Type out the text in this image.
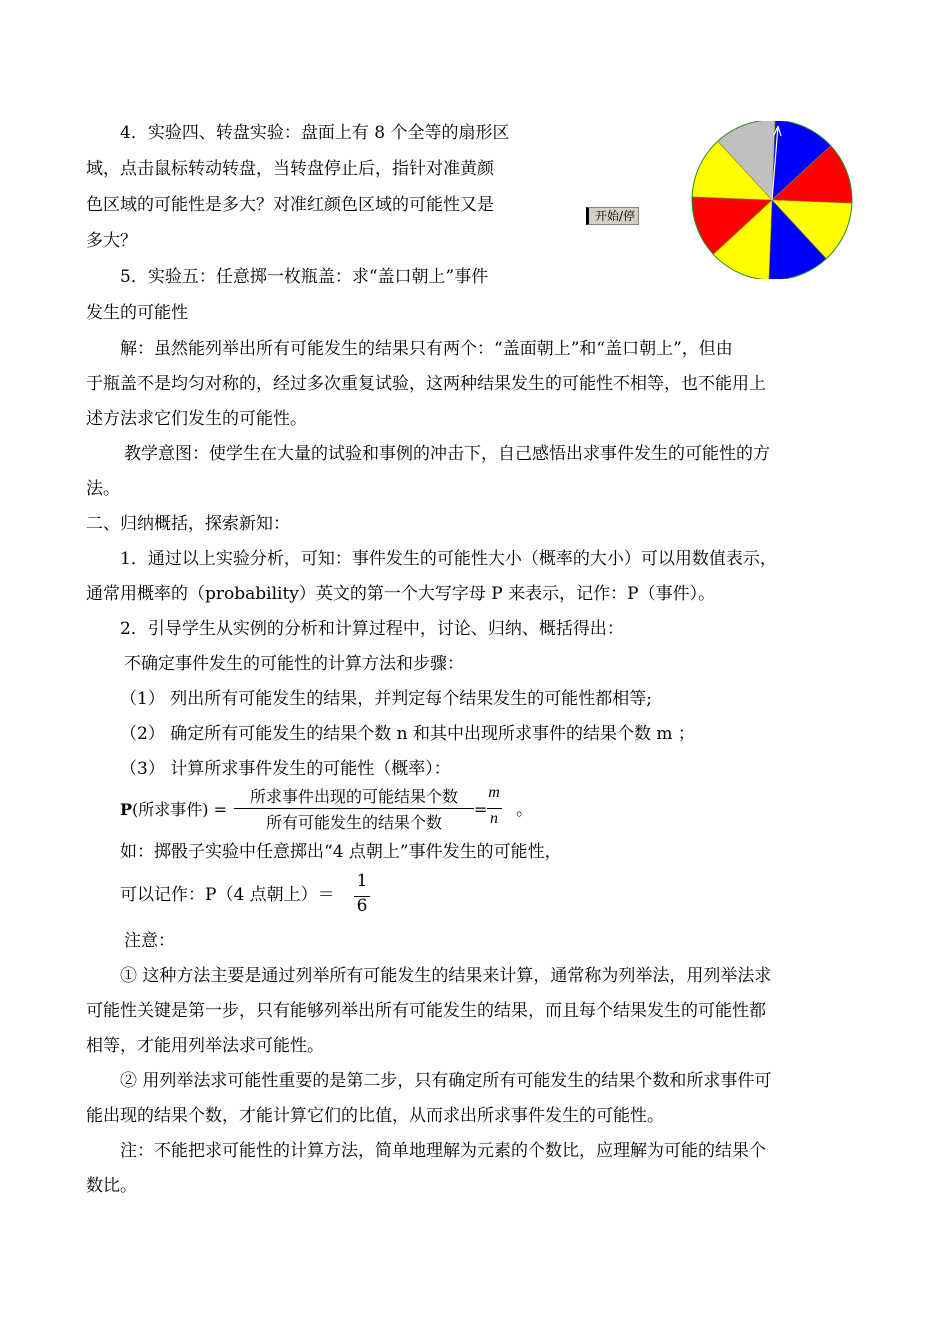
4．实验四、转盘实验：盘面上有 8 个全等的扇形区
域，点击鼠标转动转盘，当转盘停止后，指针对准黄颜
色区域的可能性是多大？对准红颜色区域的可能性又是
多大？
开始/停
5．实验五：任意掷一枚瓶盖：求“盖口朝上”事件
发生的可能性
解：虽然能列举出所有可能发生的结果只有两个：“盖面朝上”和“盖口朝上”，但由
于瓶盖不是均匀对称的，经过多次重复试验，这两种结果发生的可能性不相等，也不能用上
述方法求它们发生的可能性。
教学意图：使学生在大量的试验和事例的冲击下，自己感悟出求事件发生的可能性的方
法。
二、归纳概括，探索新知：
1．通过以上实验分析，可知：事件发生的可能性大小（概率的大小）可以用数值表示，
通常用概率的（probability）英文的第一个大写字母 P 来表示，记作：P（事件）。
2．引导学生从实例的分析和计算过程中，讨论、归纳、概括得出：
不确定事件发生的可能性的计算方法和步骤：
（1） 列出所有可能发生的结果，并判定每个结果发生的可能性都相等;
（2） 确定所有可能发生的结果个数 n 和其中出现所求事件的结果个数 m ；
（3） 计算所求事件发生的可能性（概率）：
P(所求事件) =
所求事件出现的可能结果个数
所有可能发生的结果个数
=
m
n 。
如：掷骰子实验中任意掷出“4 点朝上”事件发生的可能性，
可以记作：P（4 点朝上）＝
1
6
注意：
① 这种方法主要是通过列举所有可能发生的结果来计算，通常称为列举法，用列举法求
可能性关键是第一步，只有能够列举出所有可能发生的结果，而且每个结果发生的可能性都
相等，才能用列举法求可能性。
② 用列举法求可能性重要的是第二步，只有确定所有可能发生的结果个数和所求事件可
能出现的结果个数，才能计算它们的比值，从而求出所求事件发生的可能性。
注：不能把求可能性的计算方法，简单地理解为元素的个数比，应理解为可能的结果个
数比。
